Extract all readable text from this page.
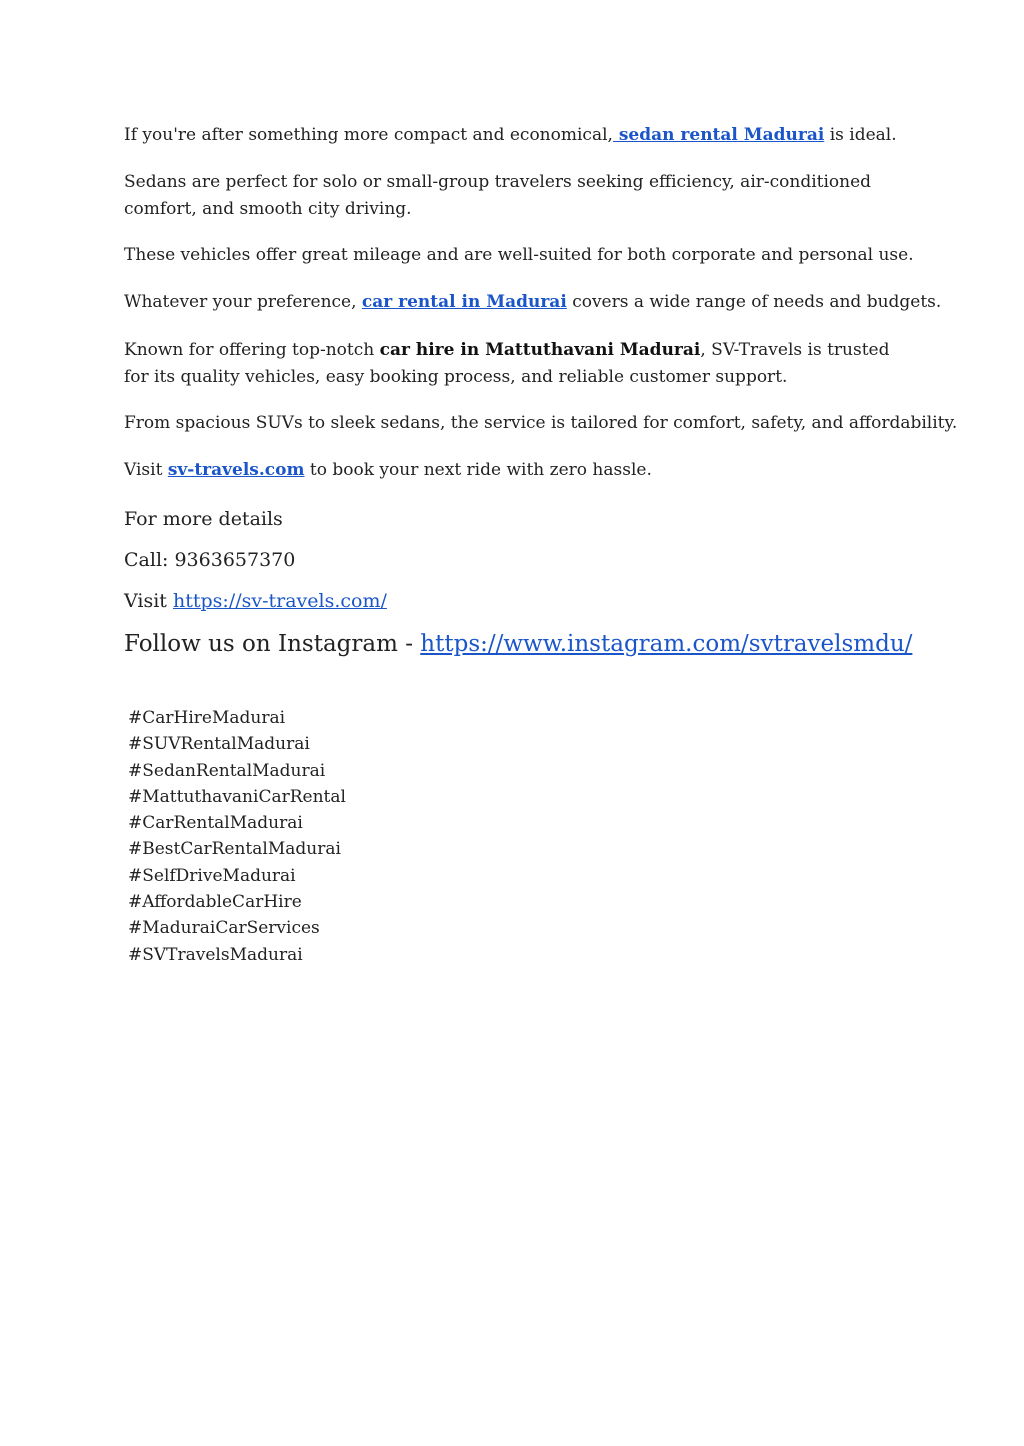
If you're after something more compact and economical, sedan rental Madurai is ideal.

Sedans are perfect for solo or small-group travelers seeking efficiency, air-conditioned comfort, and smooth city driving.

These vehicles offer great mileage and are well-suited for both corporate and personal use.

Whatever your preference, car rental in Madurai covers a wide range of needs and budgets.

Known for offering top-notch car hire in Mattuthavani Madurai, SV-Travels is trusted for its quality vehicles, easy booking process, and reliable customer support.

From spacious SUVs to sleek sedans, the service is tailored for comfort, safety, and affordability.

Visit sv-travels.com to book your next ride with zero hassle.

For more details
Call: 9363657370
Visit https://sv-travels.com/
Follow us on Instagram - https://www.instagram.com/svtravelsmdu/
#CarHireMadurai
#SUVRentalMadurai
#SedanRentalMadurai
#MattuthavaniCarRental
#CarRentalMadurai
#BestCarRentalMadurai
#SelfDriveMadurai
#AffordableCarHire
#MaduraiCarServices
#SVTravelsMadurai
